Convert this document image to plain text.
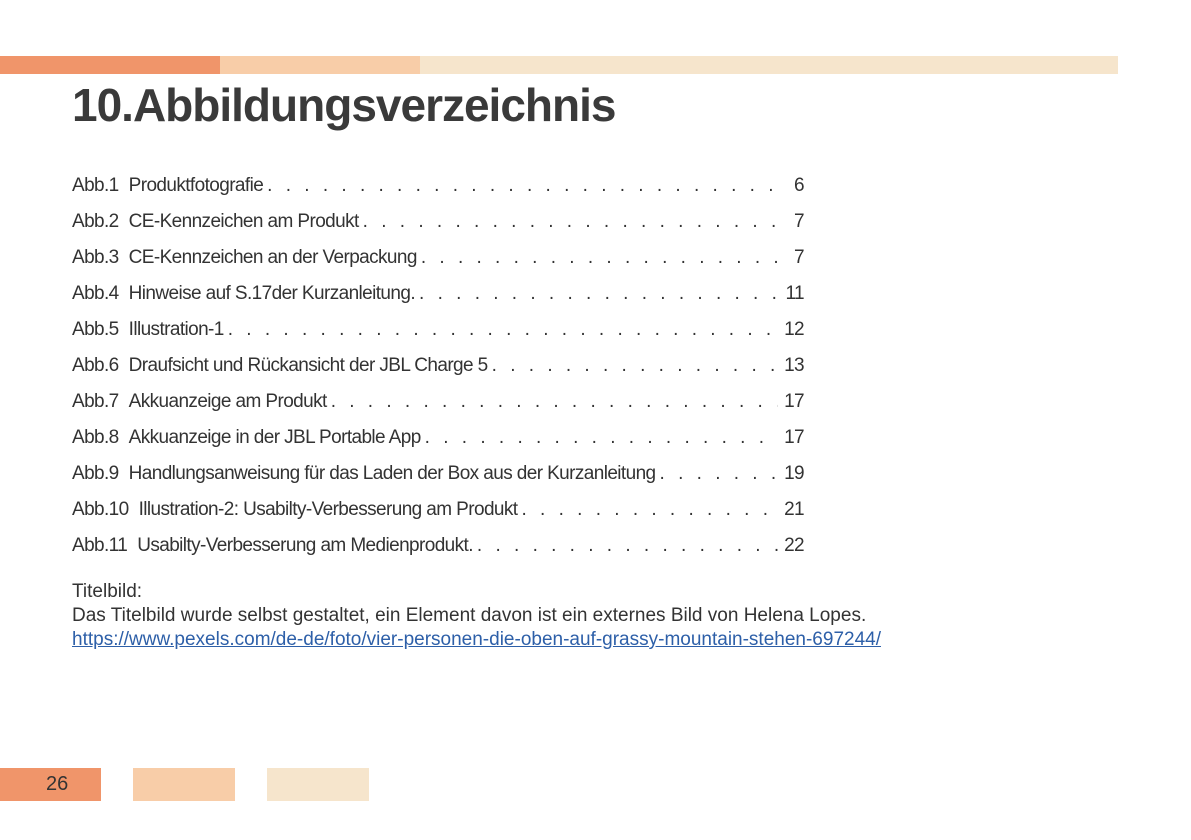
10.Abbildungsverzeichnis
Abb.1 Produktfotografie . . .	6
Abb.2 CE-Kennzeichen am Produkt . . .	7
Abb.3 CE-Kennzeichen an der Verpackung . . .	7
Abb.4 Hinweise auf S.17der Kurzanleitung. . . .	11
Abb.5 Illustration-1 . . .	12
Abb.6 Draufsicht und Rückansicht der JBL Charge 5 . . .	13
Abb.7 Akkuanzeige am Produkt . . .	17
Abb.8 Akkuanzeige in der JBL Portable App . . .	17
Abb.9 Handlungsanweisung für das Laden der Box aus der Kurzanleitung . . .	19
Abb.10 Illustration-2: Usabilty-Verbesserung am Produkt . . .	21
Abb.11 Usabilty-Verbesserung am Medienprodukt. . . .	22
Titelbild:
Das Titelbild wurde selbst gestaltet, ein Element davon ist ein externes Bild von Helena Lopes.
https://www.pexels.com/de-de/foto/vier-personen-die-oben-auf-grassy-mountain-stehen-697244/
26
